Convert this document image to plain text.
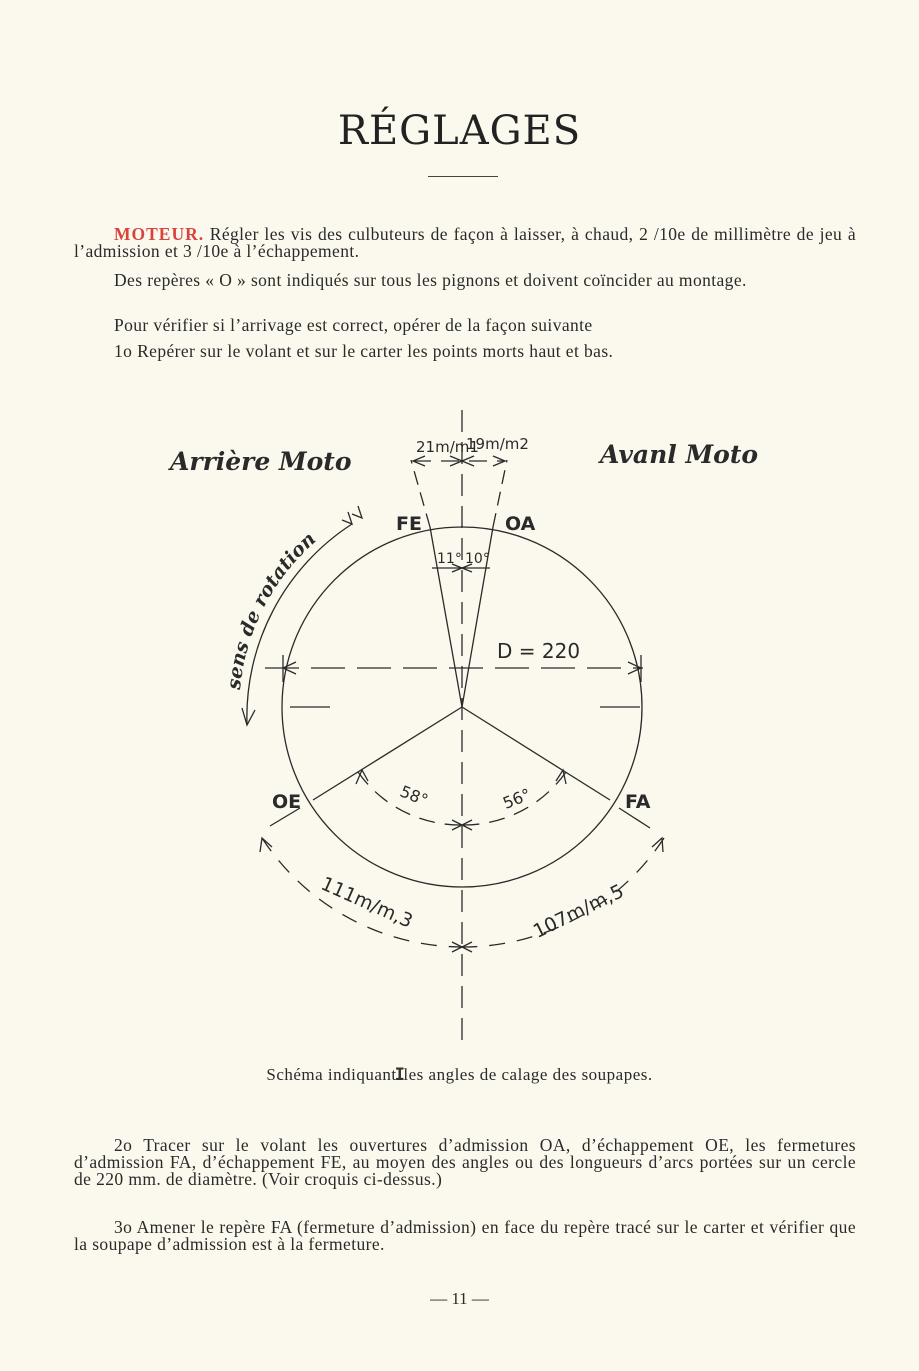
RÉGLAGES

MOTEUR. Régler les vis des culbuteurs de façon à laisser, à chaud, 2 /10e de millimètre de jeu à l’admission et 3 /10e à l’échappement.

Des repères « O » sont indiqués sur tous les pignons et doivent coïncider au montage.

Pour vérifier si l’arrivage est correct, opérer de la façon suivante

1o Repérer sur le volant et sur le carter les points morts haut et bas.

Arrière Moto	Avanl Moto
FE	OA
OE	FA
21m/m1
19m/m2
11° 10°
D = 220
58°	56°
111m/m,3	107m/m,5
sens de rotation

Schéma indiquantIles angles de calage des soupapes.

2o Tracer sur le volant les ouvertures d’admission OA, d’échappement OE, les fermetures d’admission FA, d’échappement FE, au moyen des angles ou des longueurs d’arcs portées sur un cercle de 220 mm. de diamètre. (Voir croquis ci-dessus.)

3o Amener le repère FA (fermeture d’admission) en face du repère tracé sur le carter et vérifier que la soupape d’admission est à la fermeture.

— 11 —
